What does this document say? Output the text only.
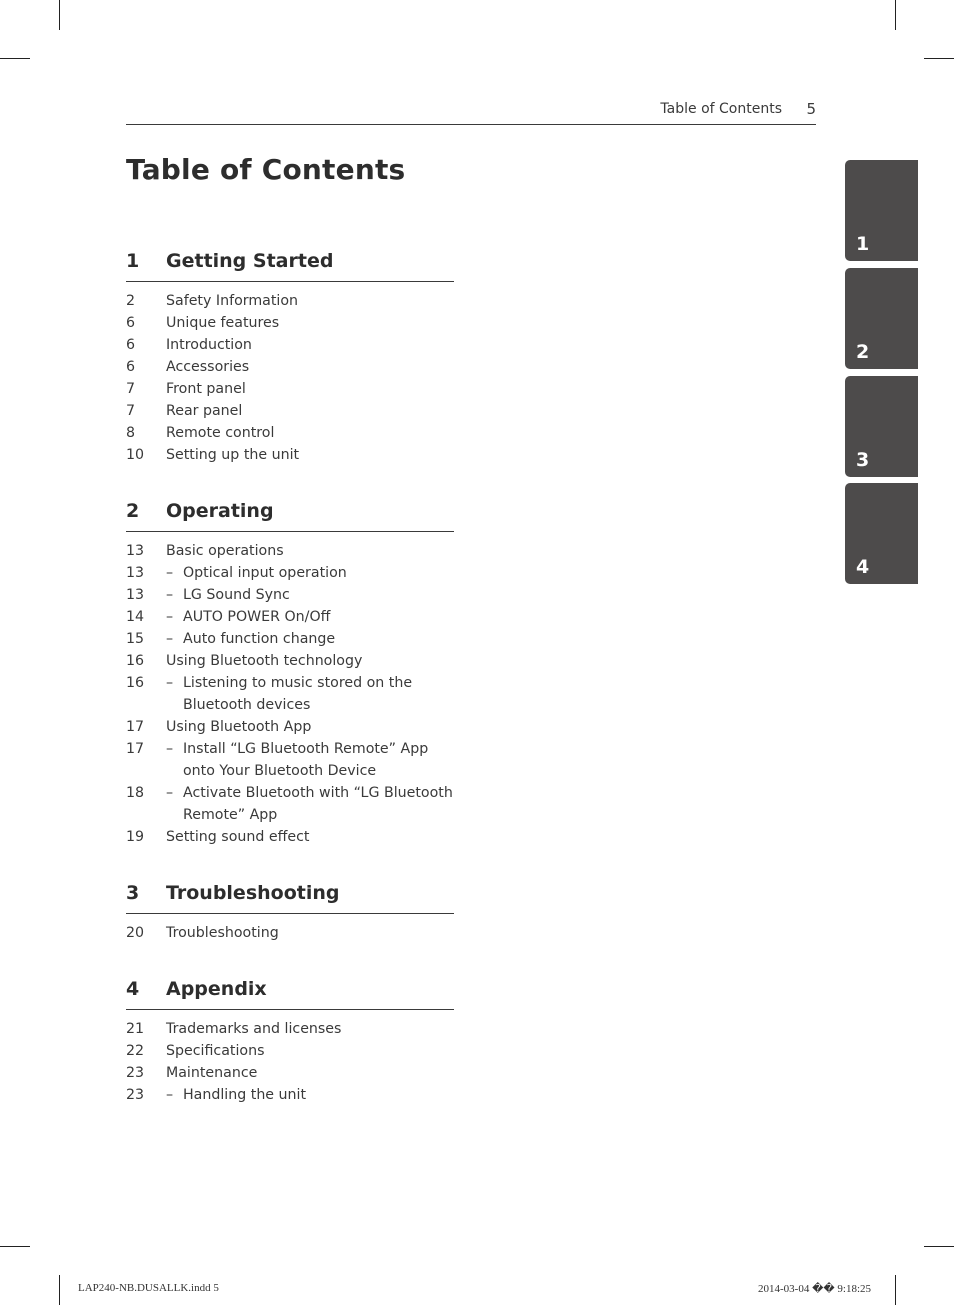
Table of Contents 5
Table of Contents
1	Getting Started
2	Safety Information
6	Unique features
6	Introduction
6	Accessories
7	Front panel
7	Rear panel
8	Remote control
10	Setting up the unit
2	Operating
13	Basic operations
13	– Optical input operation
13	– LG Sound Sync
14	– AUTO POWER On/Off
15	– Auto function change
16	Using Bluetooth technology
16	– Listening to music stored on the Bluetooth devices
17	Using Bluetooth App
17	– Install “LG Bluetooth Remote” App onto Your Bluetooth Device
18	– Activate Bluetooth with “LG Bluetooth Remote” App
19	Setting sound effect
3	Troubleshooting
20	Troubleshooting
4	Appendix
21	Trademarks and licenses
22	Specifications
23	Maintenance
23	– Handling the unit
1
2
3
4
LAP240-NB.DUSALLK.indd 5	2014-03-04 �� 9:18:25
